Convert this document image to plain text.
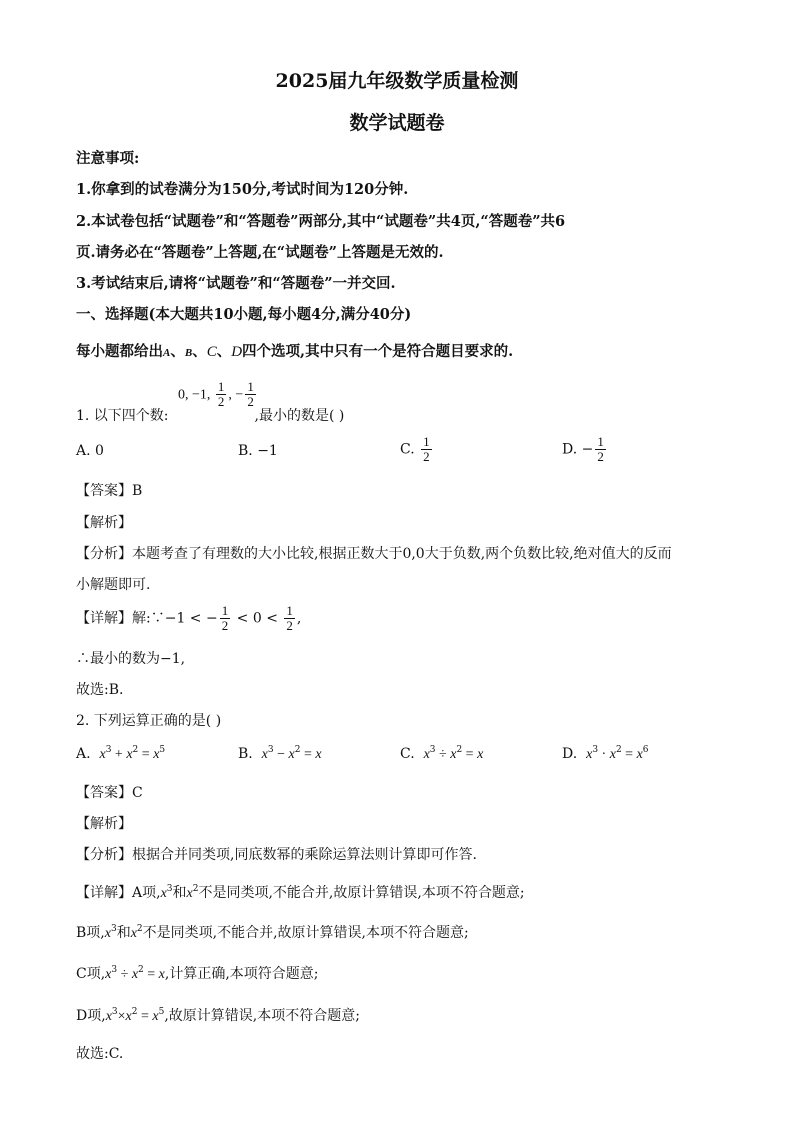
2025届九年级数学质量检测
数学试题卷
注意事项:
1.你拿到的试卷满分为150分,考试时间为120分钟.
2.本试卷包括“试题卷”和“答题卷”两部分,其中“试题卷”共4页,“答题卷”共6
页.请务必在“答题卷”上答题,在“试题卷”上答题是无效的.
3.考试结束后,请将“试题卷”和“答题卷”一并交回.
一、选择题(本大题共10小题,每小题4分,满分40分)
每小题都给出A、B、C、D四个选项,其中只有一个是符合题目要求的.
0, −1, $\frac{1}{2}$ , − $\frac{1}{2}$
1. 以下四个数:	,最小的数是( )
A. 0	B. −1	C. $\frac{1}{2}$	D. − $\frac{1}{2}$
【答案】B
【解析】
【分析】本题考查了有理数的大小比较,根据正数大于0,0大于负数,两个负数比较,绝对值大的反而
小解题即可.
【详解】解:∵−1 < − $\frac{1}{2} < 0 < \frac{1}{2}$ ,
∴最小的数为−1,
故选:B.
2. 下列运算正确的是( )
A. $x^3 + x^2 = x^5$	B. $x^3 - x^2 = x$	C. $x^3 \div x^2 = x$	D. $x^3 \cdot x^2 = x^6$
【答案】C
【解析】
【分析】根据合并同类项,同底数幂的乘除运算法则计算即可作答.
【详解】A项$,x^3$和$x^2$不是同类项,不能合并,故原计算错误,本项不符合题意;
B项$,x^3$和$x^2$不是同类项,不能合并,故原计算错误,本项不符合题意;
C项$,x^3 \div x^2 = x$,计算正确,本项符合题意;
D项$,x^3\times x^2 = x^5$,故原计算错误,本项不符合题意;
故选:C.
